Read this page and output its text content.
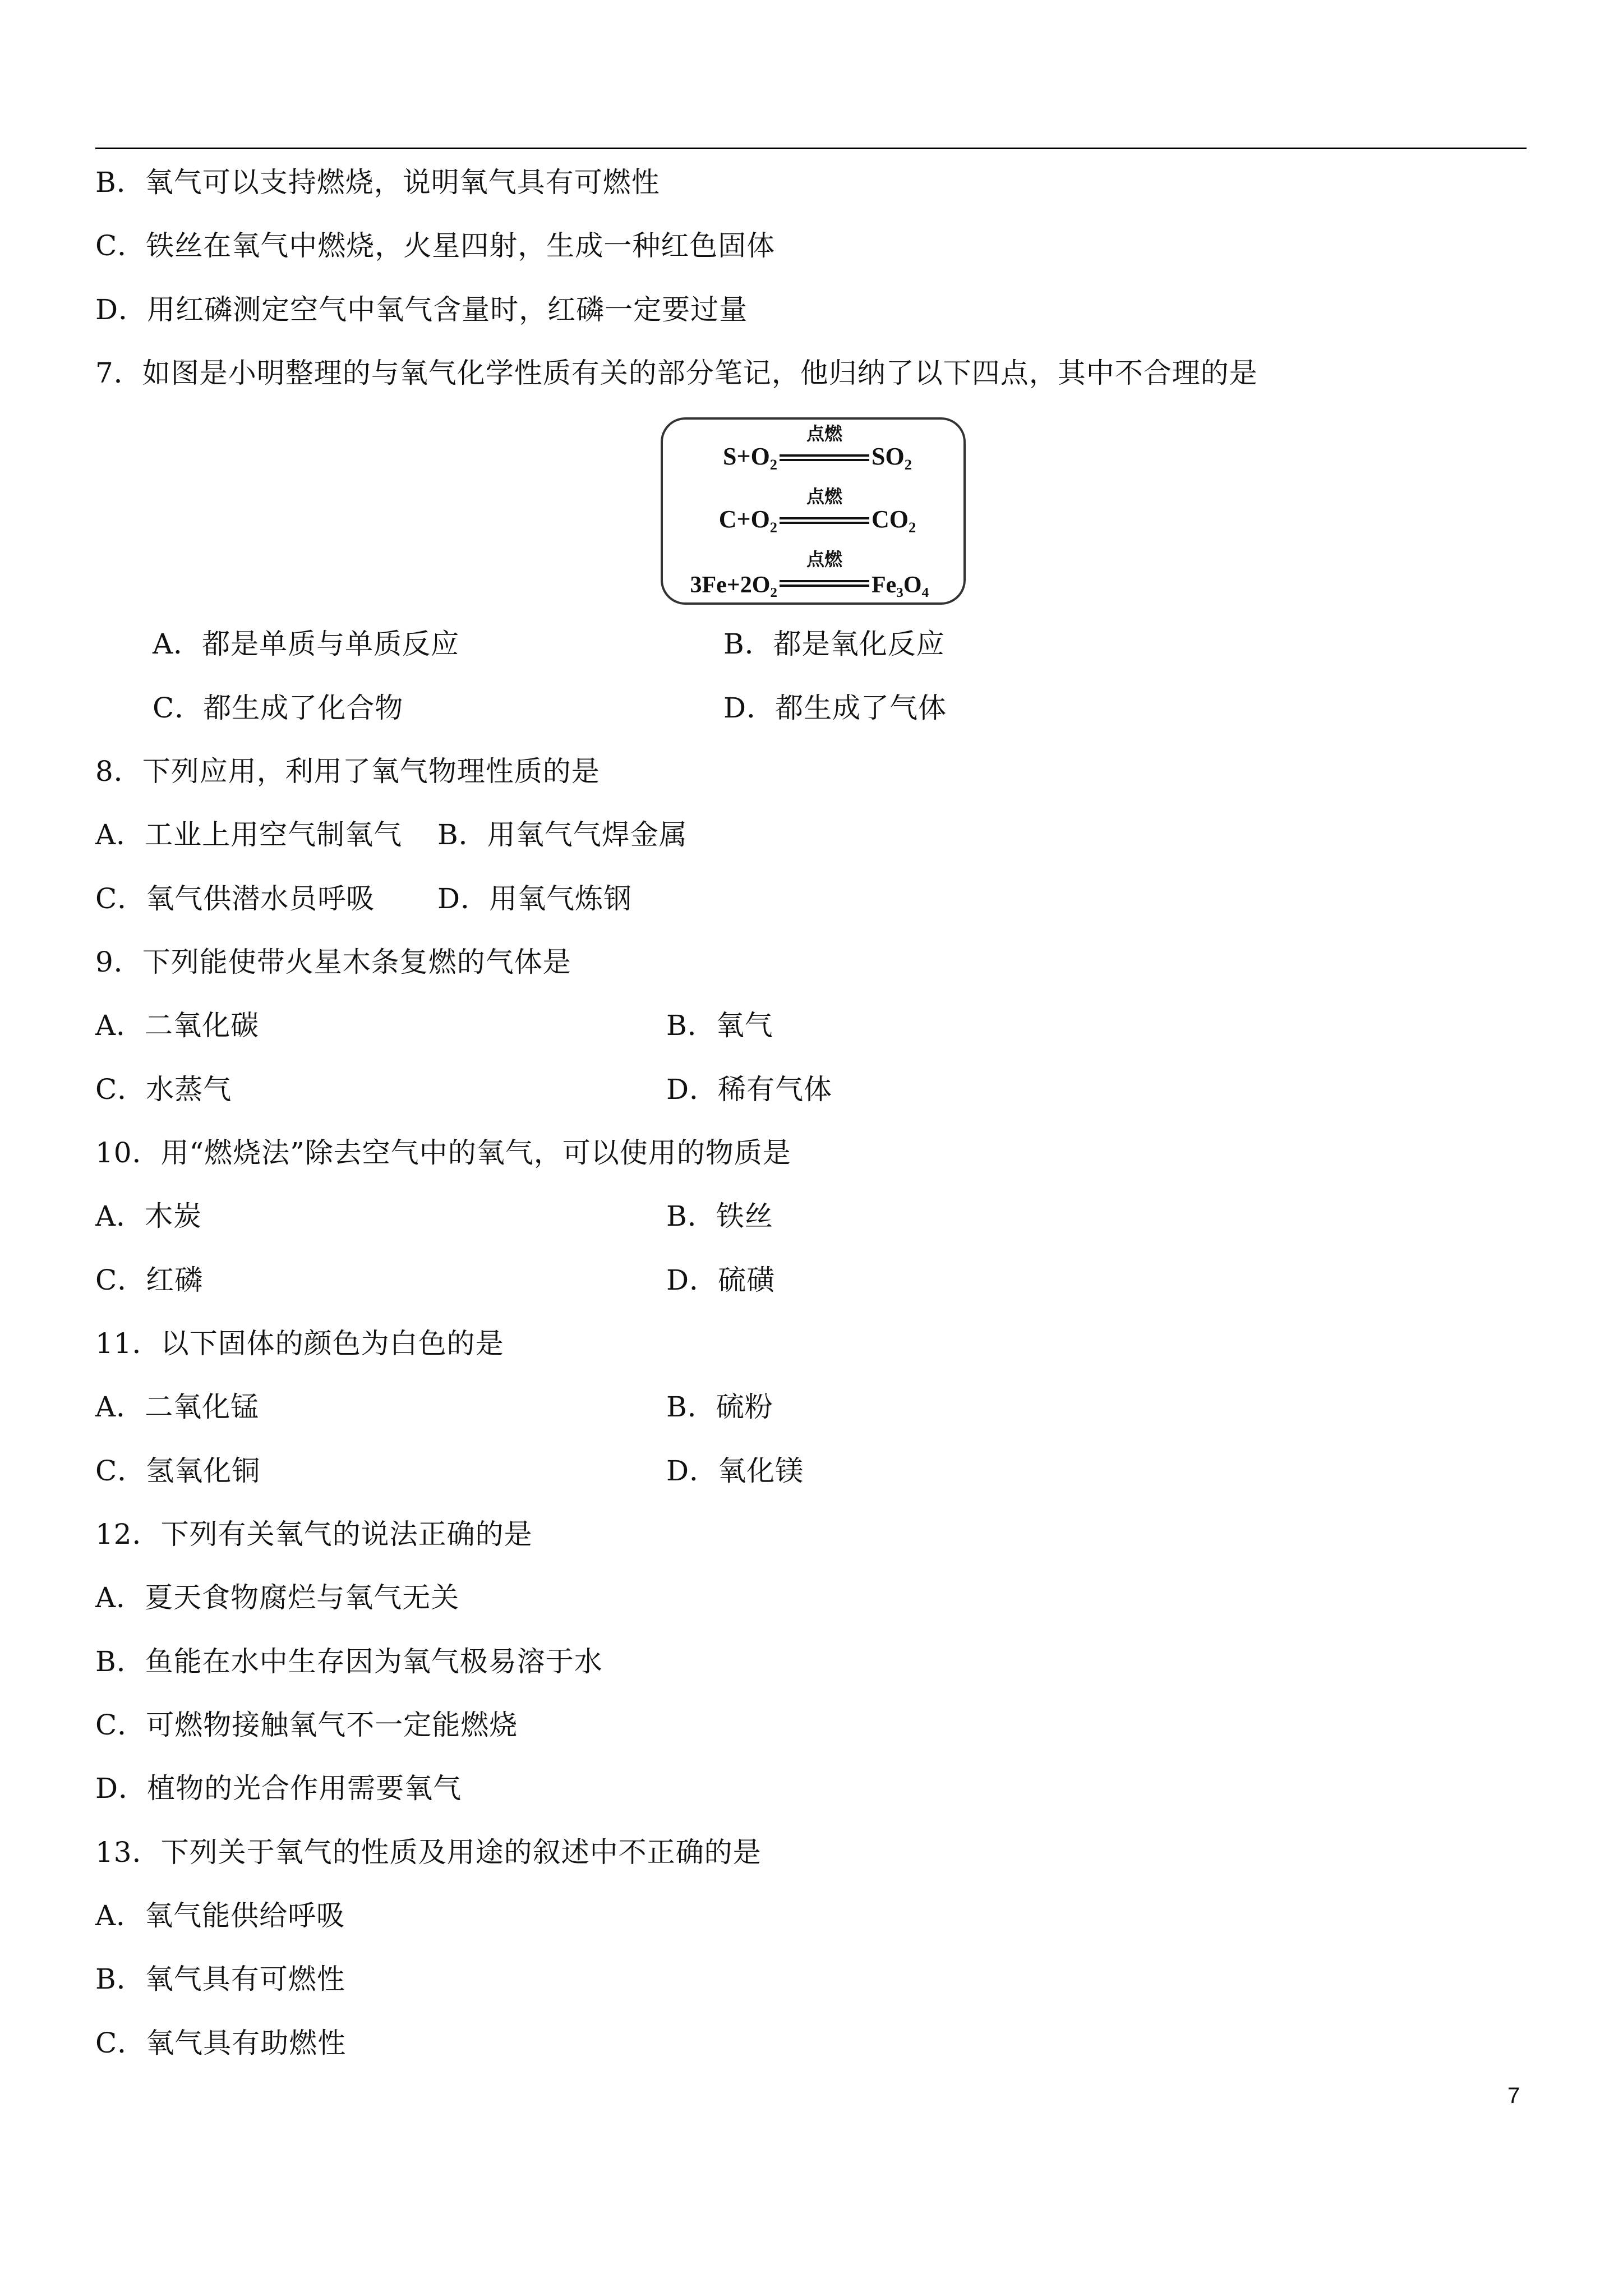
B．氧气可以支持燃烧，说明氧气具有可燃性
C．铁丝在氧气中燃烧，火星四射，生成一种红色固体
D．用红磷测定空气中氧气含量时，红磷一定要过量
7．如图是小明整理的与氧气化学性质有关的部分笔记，他归纳了以下四点，其中不合理的是
点燃
S+O₂	SO₂
点燃
C+O₂	CO₂
点燃
3Fe+2O₂	Fe₃O₄
A．都是单质与单质反应	B．都是氧化反应
C．都生成了化合物	D．都生成了气体
8．下列应用，利用了氧气物理性质的是
A．工业上用空气制氧气 B．用氧气气焊金属
C．氧气供潜水员呼吸 D．用氧气炼钢
9．下列能使带火星木条复燃的气体是
A．二氧化碳	B．氧气
C．水蒸气	D．稀有气体
10．用“燃烧法”除去空气中的氧气，可以使用的物质是
A．木炭	B．铁丝
C．红磷	D．硫磺
11．以下固体的颜色为白色的是
A．二氧化锰	B．硫粉
C．氢氧化铜	D．氧化镁
12．下列有关氧气的说法正确的是
A．夏天食物腐烂与氧气无关
B．鱼能在水中生存因为氧气极易溶于水
C．可燃物接触氧气不一定能燃烧
D．植物的光合作用需要氧气
13．下列关于氧气的性质及用途的叙述中不正确的是
A．氧气能供给呼吸
B．氧气具有可燃性
C．氧气具有助燃性
7
